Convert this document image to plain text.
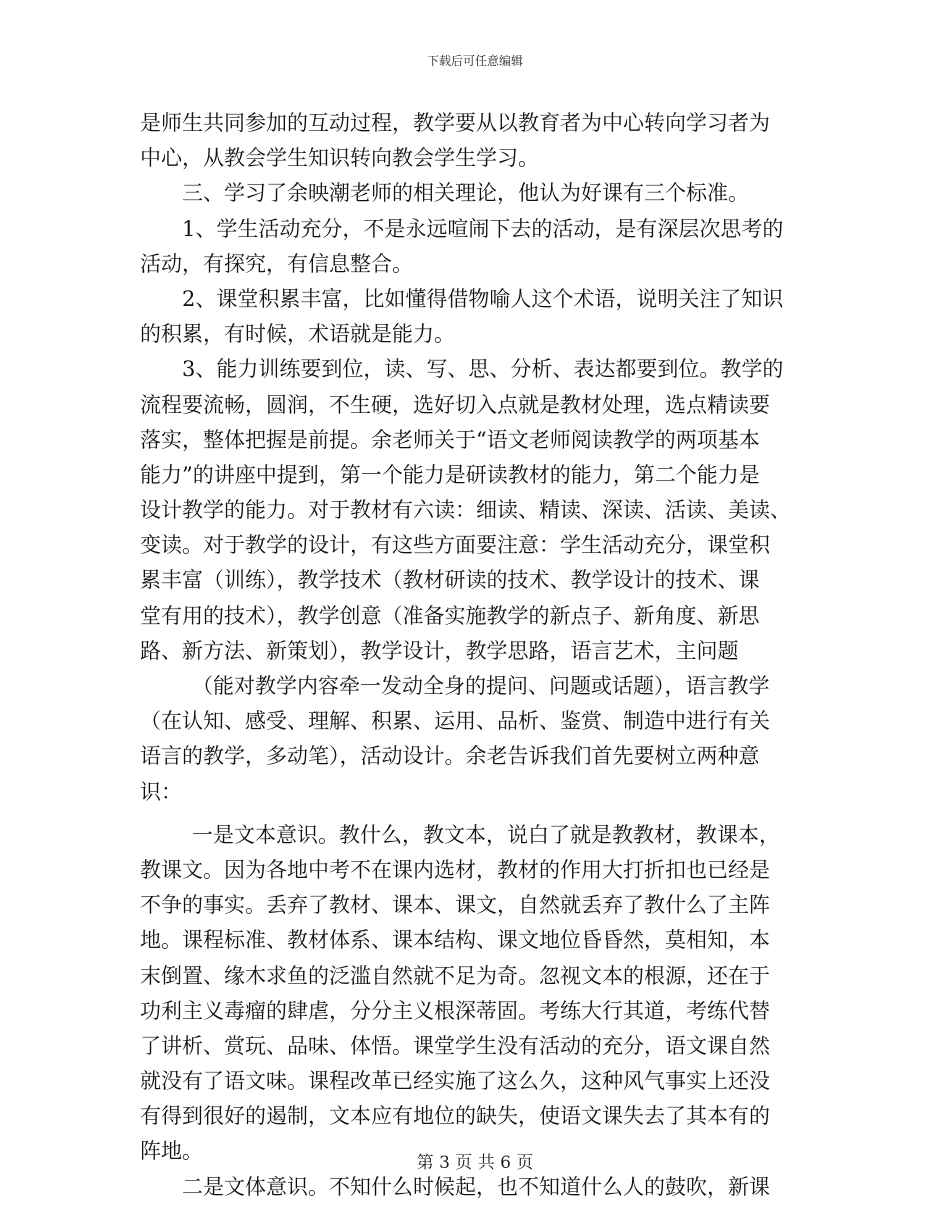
下载后可任意编辑
是师生共同参加的互动过程，教学要从以教育者为中心转向学习者为
中心，从教会学生知识转向教会学生学习。
三、学习了余映潮老师的相关理论，他认为好课有三个标准。
1、学生活动充分，不是永远喧闹下去的活动，是有深层次思考的
活动，有探究，有信息整合。
2、课堂积累丰富，比如懂得借物喻人这个术语，说明关注了知识
的积累，有时候，术语就是能力。
3、能力训练要到位，读、写、思、分析、表达都要到位。教学的
流程要流畅，圆润，不生硬，选好切入点就是教材处理，选点精读要
落实，整体把握是前提。余老师关于“语文老师阅读教学的两项基本
能力”的讲座中提到，第一个能力是研读教材的能力，第二个能力是
设计教学的能力。对于教材有六读：细读、精读、深读、活读、美读、
变读。对于教学的设计，有这些方面要注意：学生活动充分，课堂积
累丰富（训练），教学技术（教材研读的技术、教学设计的技术、课
堂有用的技术），教学创意（准备实施教学的新点子、新角度、新思
路、新方法、新策划），教学设计，教学思路，语言艺术，主问题
（能对教学内容牵一发动全身的提问、问题或话题），语言教学
（在认知、感受、理解、积累、运用、品析、鉴赏、制造中进行有关
语言的教学，多动笔），活动设计。余老告诉我们首先要树立两种意
识：
一是文本意识。教什么，教文本，说白了就是教教材，教课本，
教课文。因为各地中考不在课内选材，教材的作用大打折扣也已经是
不争的事实。丢弃了教材、课本、课文，自然就丢弃了教什么了主阵
地。课程标准、教材体系、课本结构、课文地位昏昏然，莫相知，本
末倒置、缘木求鱼的泛滥自然就不足为奇。忽视文本的根源，还在于
功利主义毒瘤的肆虐，分分主义根深蒂固。考练大行其道，考练代替
了讲析、赏玩、品味、体悟。课堂学生没有活动的充分，语文课自然
就没有了语文味。课程改革已经实施了这么久，这种风气事实上还没
有得到很好的遏制，文本应有地位的缺失，使语文课失去了其本有的
阵地。
二是文体意识。不知什么时候起，也不知道什么人的鼓吹，新课
第 3 页 共 6 页
